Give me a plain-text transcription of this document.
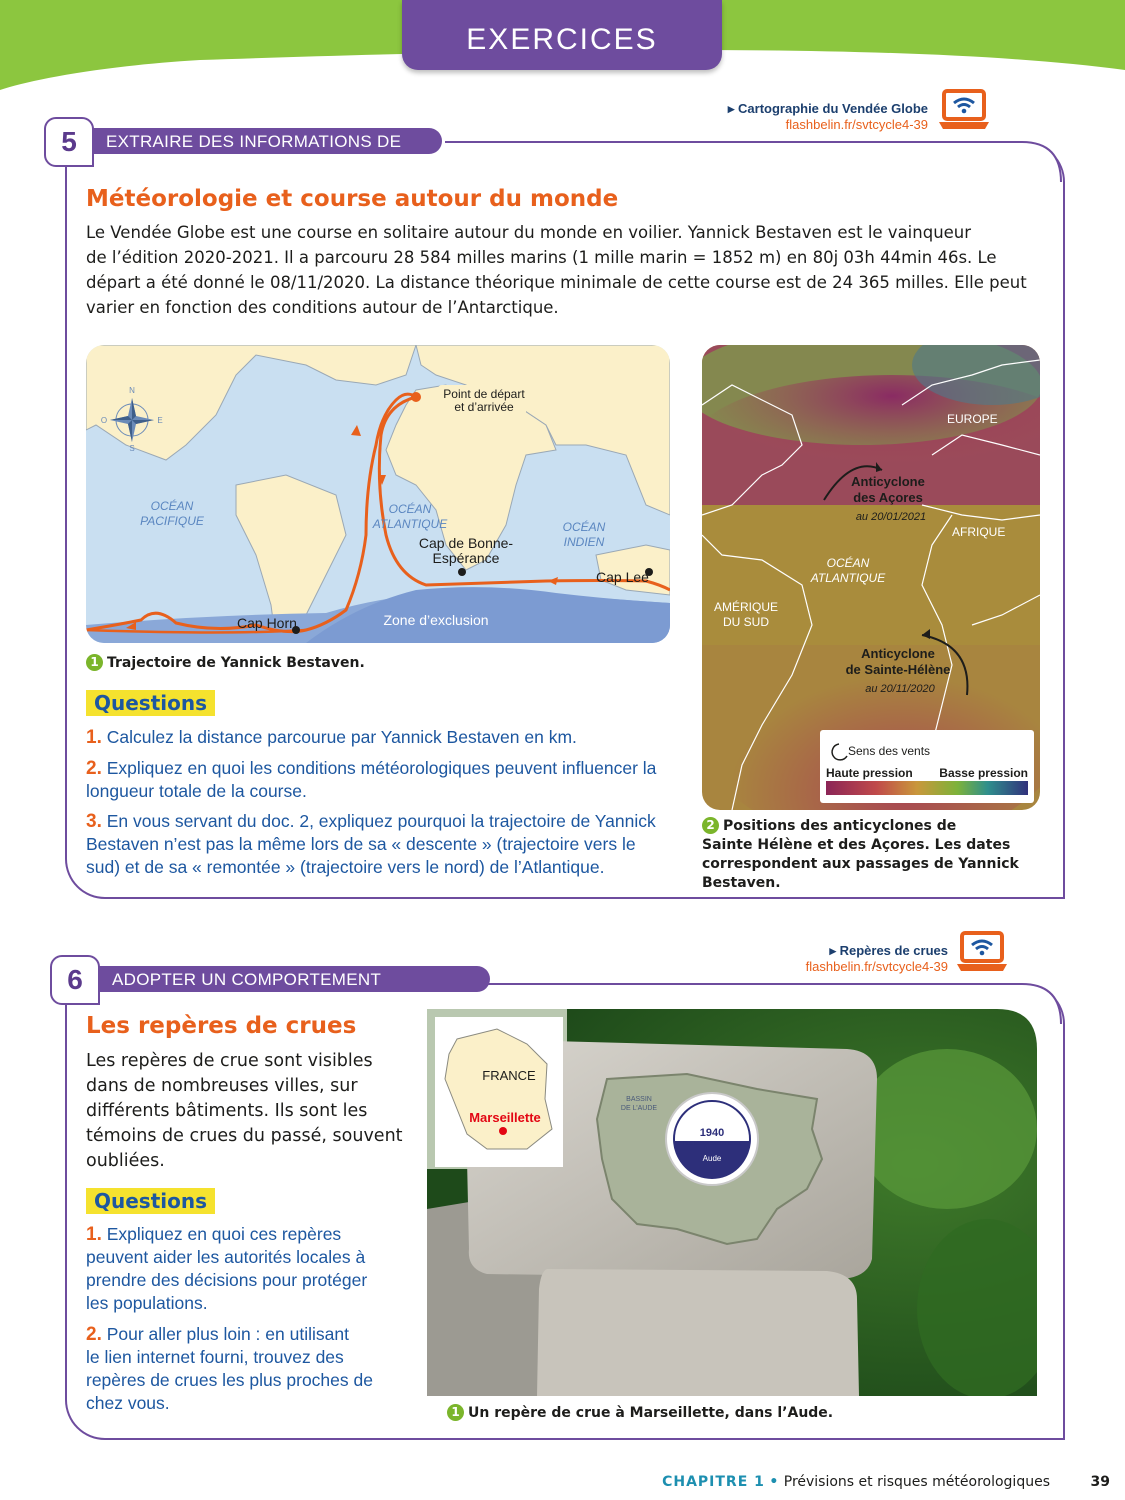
EXERCICES
▸ Cartographie du Vendée Globe
flashbelin.fr/svtcycle4-39
5	EXTRAIRE DES INFORMATIONS DE CARTES
Météorologie et course autour du monde
Le Vendée Globe est une course en solitaire autour du monde en voilier. Yannick Bestaven est le vainqueur
de l’édition 2020-2021. Il a parcouru 28 584 milles marins (1 mille marin = 1852 m) en 80j 03h 44min 46s. Le
départ a été donné le 08/11/2020. La distance théorique minimale de cette course est de 24 365 milles. Elle peut
varier en fonction des conditions autour de l’Antarctique.
N
E
S
O
OCÉAN
PACIFIQUE
OCÉAN
ATLANTIQUE	OCÉAN
INDIEN
Point de départ
et d’arrivée
Cap de Bonne-
Espérance
Cap Lee
Cap Horn	Zone d’exclusion
1 Trajectoire de Yannick Bestaven.
EUROPE
AFRIQUE
OCÉAN
ATLANTIQUE
AMÉRIQUE
DU SUD
Anticyclone
des Açores
au 20/01/2021
Anticyclone
de Sainte-Hélène
au 20/11/2020
Sens des vents
Haute pression Basse pression
2 Positions des anticyclones de
Sainte Hélène et des Açores. Les dates
correspondent aux passages de Yannick
Bestaven.
Questions
1. Calculez la distance parcourue par Yannick Bestaven en km.
2. Expliquez en quoi les conditions météorologiques peuvent influencer la
longueur totale de la course.
3. En vous servant du doc. 2, expliquez pourquoi la trajectoire de Yannick
Bestaven n’est pas la même lors de sa « descente » (trajectoire vers le
sud) et de sa « remontée » (trajectoire vers le nord) de l’Atlantique.
▸ Repères de crues
flashbelin.fr/svtcycle4-39
6	ADOPTER UN COMPORTEMENT RESPONSABLE
Les repères de crues
Les repères de crue sont visibles
dans de nombreuses villes, sur
différents bâtiments. Ils sont les
témoins de crues du passé, souvent
oubliées.
Questions
1. Expliquez en quoi ces repères
peuvent aider les autorités locales à
prendre des décisions pour protéger
les populations.
2. Pour aller plus loin : en utilisant
le lien internet fourni, trouvez des
repères de crues les plus proches de
chez vous.
FRANCE
Marseillette
BASSIN
DE L’AUDE
1940
Plus hautes eaux connues
Aude
1 Un repère de crue à Marseillette, dans l’Aude.
CHAPITRE 1 • Prévisions et risques météorologiques	39
